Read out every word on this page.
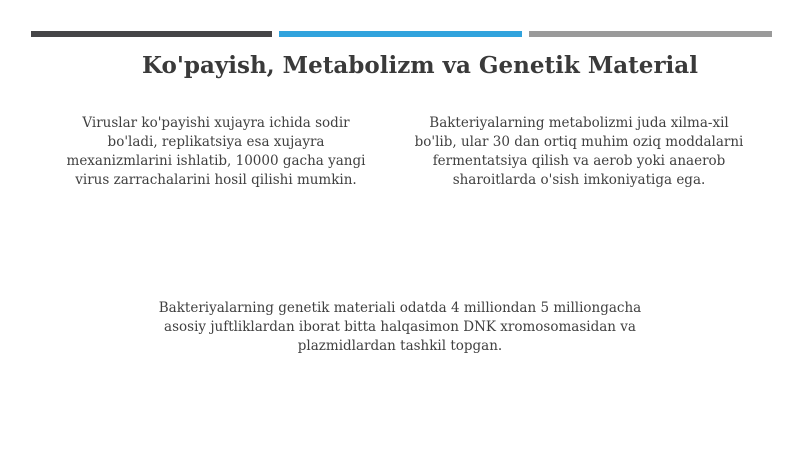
Ko'payish, Metabolizm va Genetik Material

Viruslar ko'payishi xujayra ichida sodir
bo'ladi, replikatsiya esa xujayra
mexanizmlarini ishlatib, 10000 gacha yangi
virus zarrachalarini hosil qilishi mumkin.

Bakteriyalarning metabolizmi juda xilma-xil
bo'lib, ular 30 dan ortiq muhim oziq moddalarni
fermentatsiya qilish va aerob yoki anaerob
sharoitlarda o'sish imkoniyatiga ega.

Bakteriyalarning genetik materiali odatda 4 milliondan 5 milliongacha
asosiy juftliklardan iborat bitta halqasimon DNK xromosomasidan va
plazmidlardan tashkil topgan.
